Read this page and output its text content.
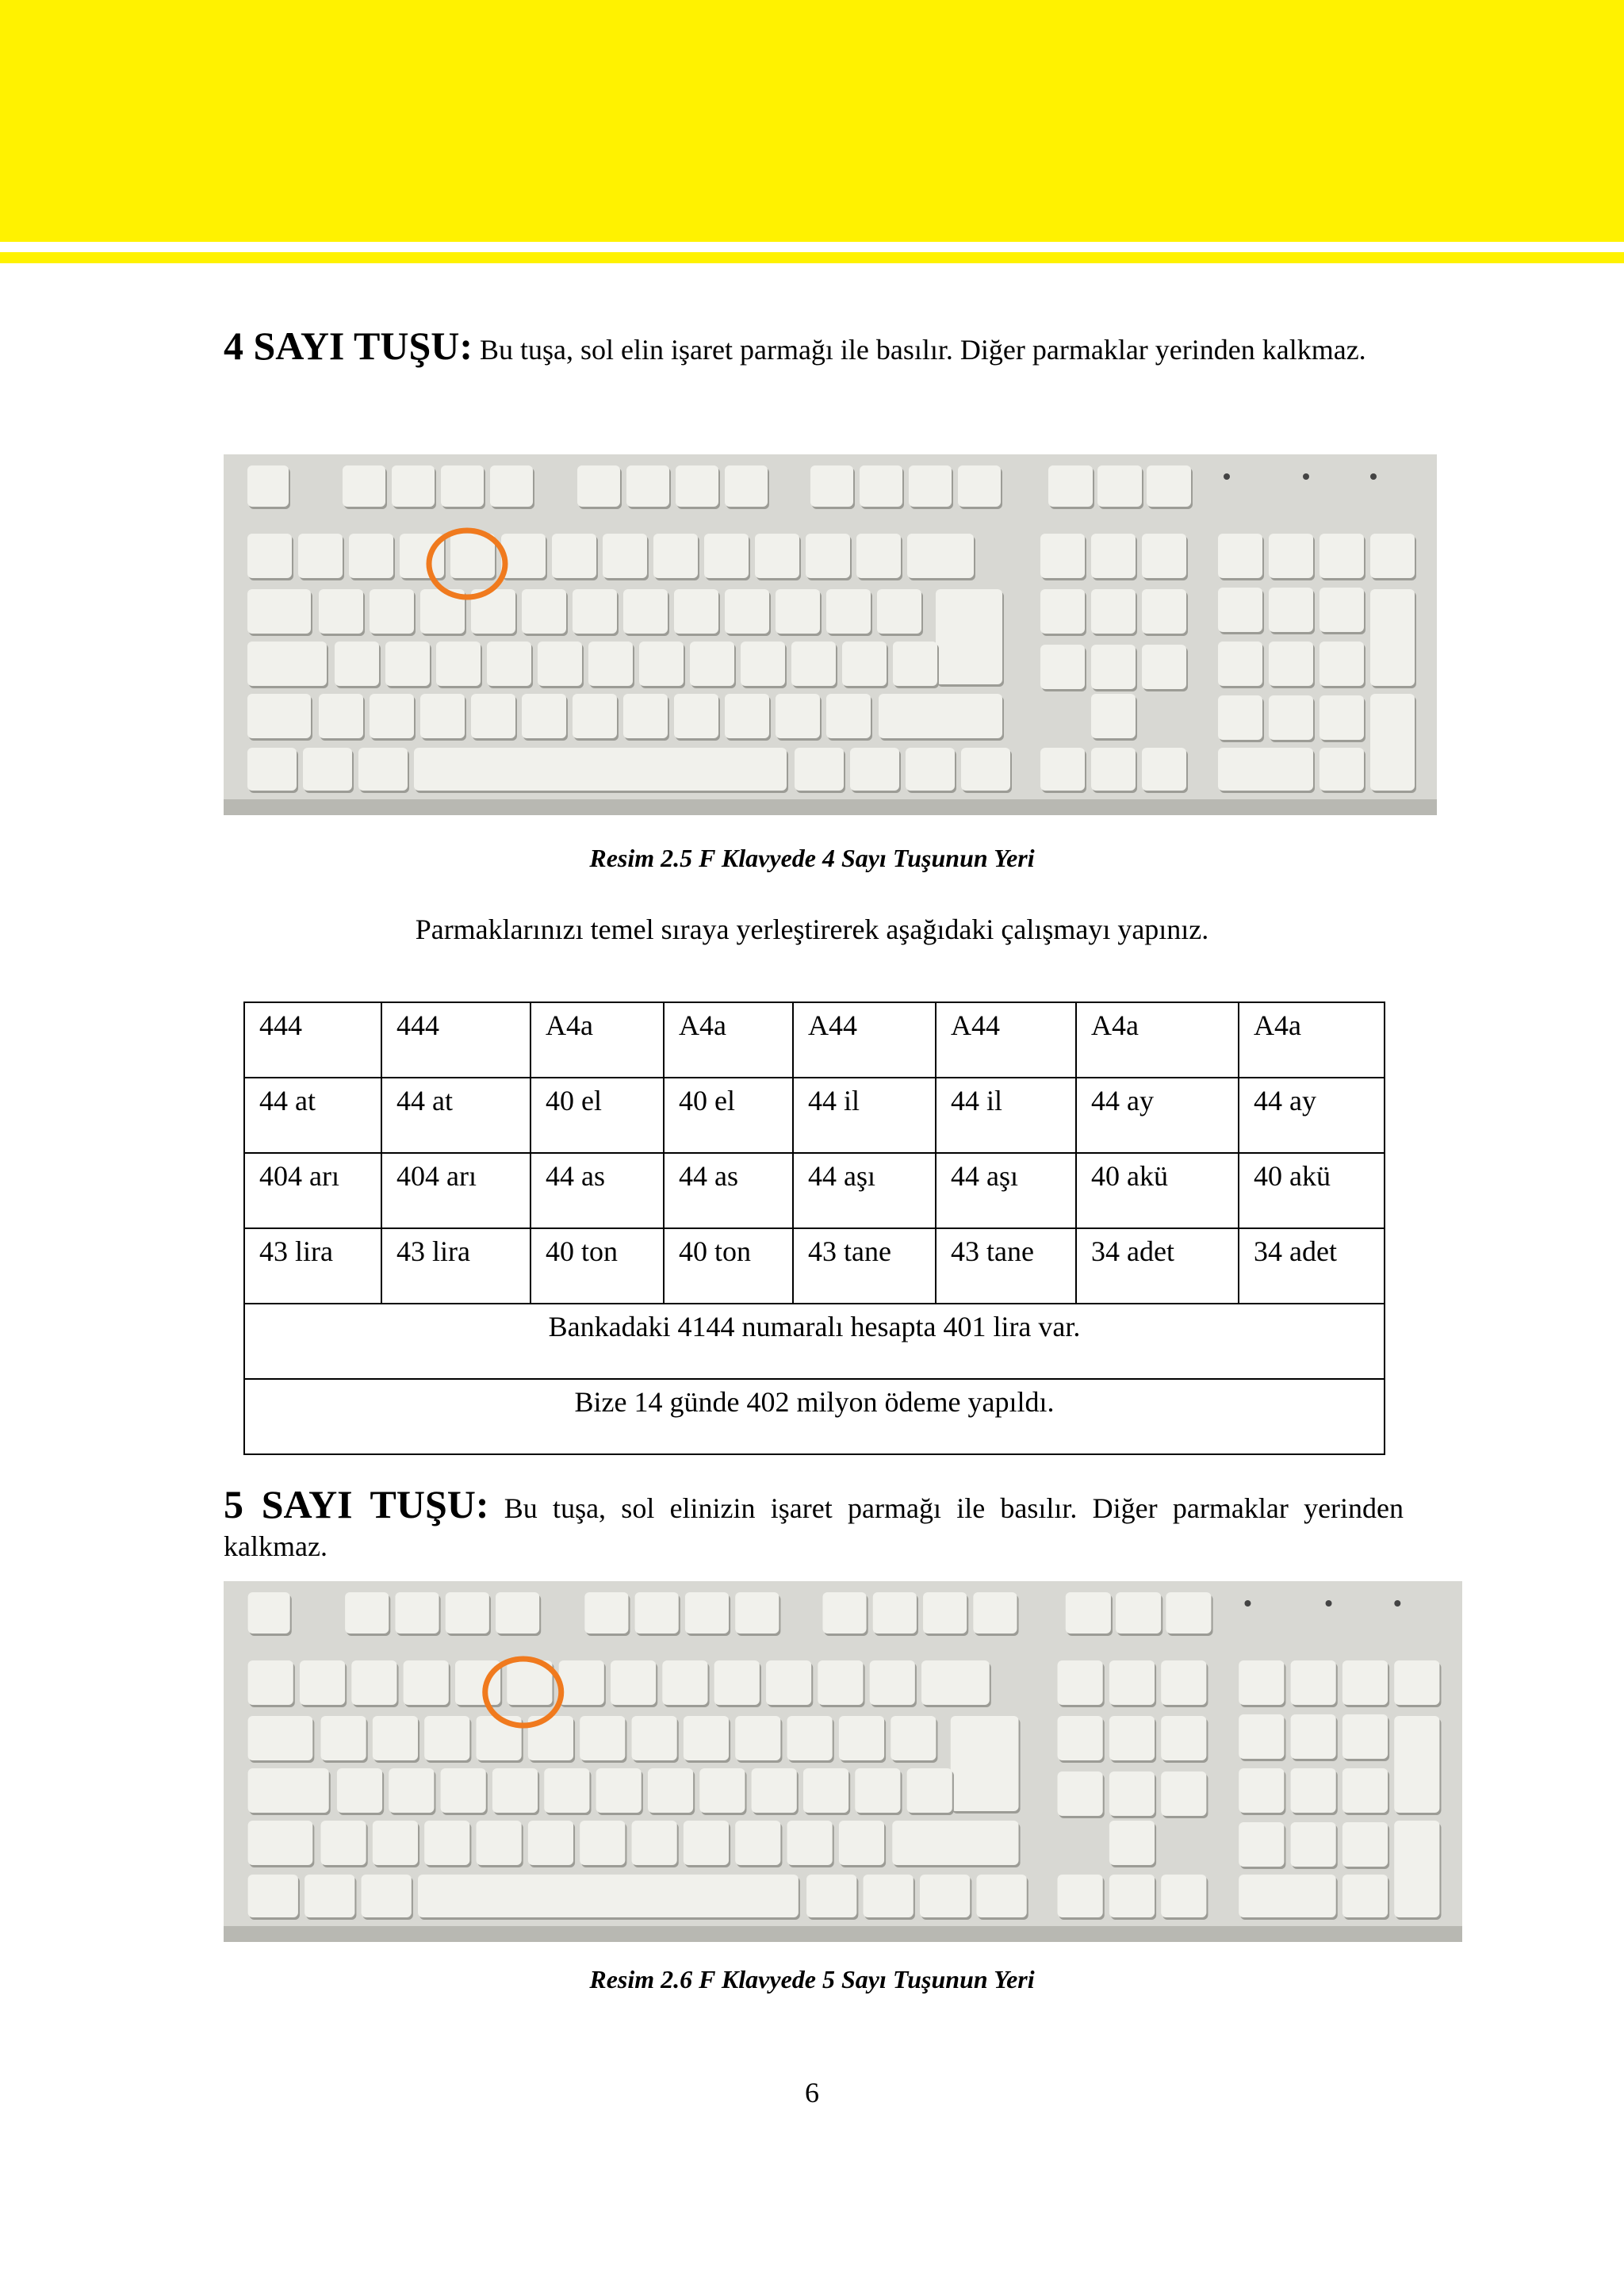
4 SAYI TUŞU: Bu tuşa, sol elin işaret parmağı ile basılır. Diğer parmaklar yerinden kalkmaz.
Resim 2.5 F Klavyede 4 Sayı Tuşunun Yeri
Parmaklarınızı temel sıraya yerleştirerek aşağıdaki çalışmayı yapınız.
444	444	A4a	A4a	A44	A44	A4a	A4a
44 at	44 at	40 el	40 el	44 il	44 il	44 ay	44 ay
404 arı	404 arı	44 as	44 as	44 aşı	44 aşı	40 akü	40 akü
43 lira	43 lira	40 ton	40 ton	43 tane	43 tane	34 adet	34 adet
Bankadaki 4144 numaralı hesapta 401 lira var.							
Bize 14 günde 402 milyon ödeme yapıldı.							
5 SAYI TUŞU: Bu tuşa, sol elinizin işaret parmağı ile basılır. Diğer parmaklar yerinden kalkmaz.
Resim 2.6 F Klavyede 5 Sayı Tuşunun Yeri
6
